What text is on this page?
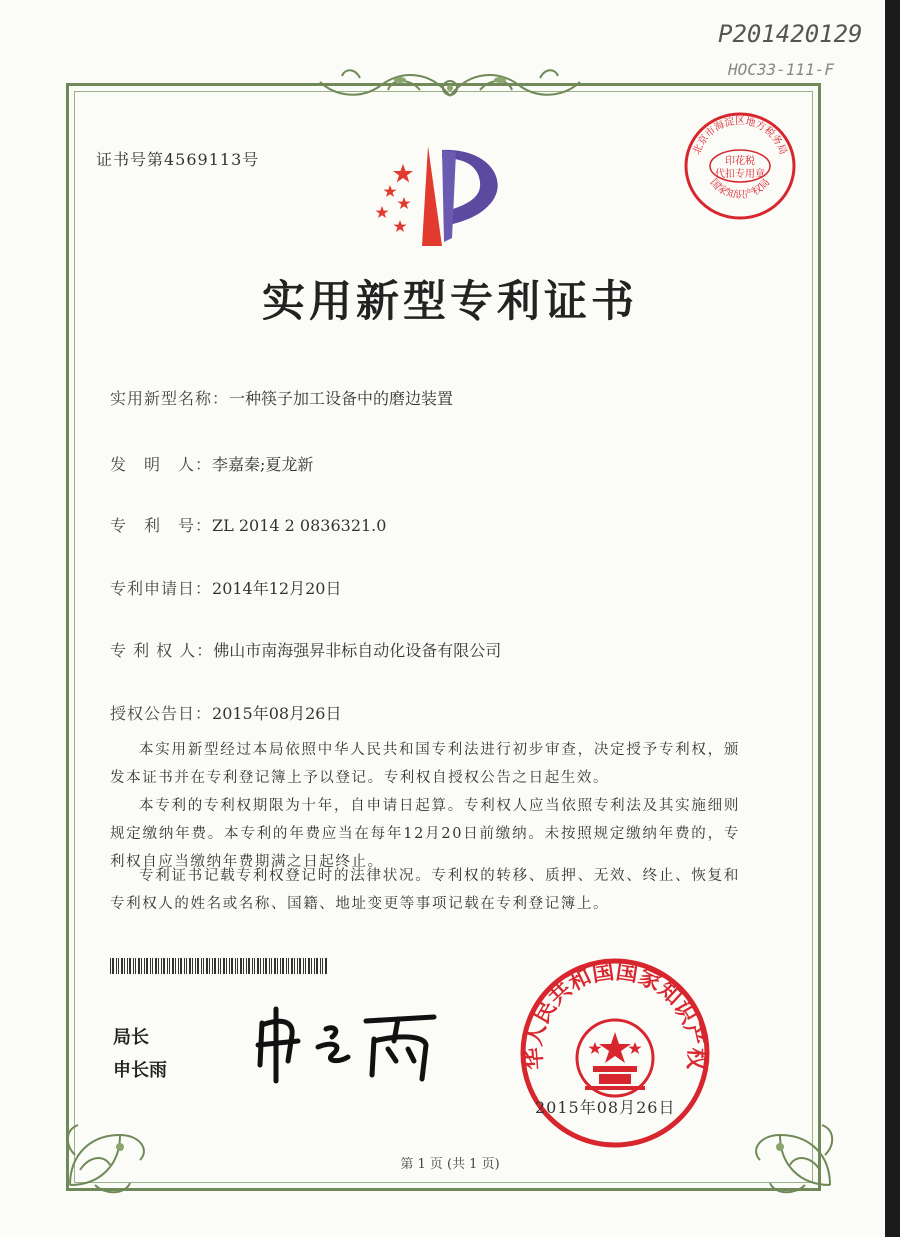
P201420129
HOC33-111-F
证书号第4569113号
北京市海淀区地方税务局
印花税
代扣专用章
国家知识产权局
实用新型专利证书
实用新型名称：一种筷子加工设备中的磨边装置
发　明　人：李嘉秦;夏龙新
专　利　号：ZL 2014 2 0836321.0
专利申请日：2014年12月20日
专 利 权 人：佛山市南海强昇非标自动化设备有限公司
授权公告日：2015年08月26日
本实用新型经过本局依照中华人民共和国专利法进行初步审查，决定授予专利权，颁发本证书并在专利登记簿上予以登记。专利权自授权公告之日起生效。
本专利的专利权期限为十年，自申请日起算。专利权人应当依照专利法及其实施细则规定缴纳年费。本专利的年费应当在每年12月20日前缴纳。未按照规定缴纳年费的，专利权自应当缴纳年费期满之日起终止。
专利证书记载专利权登记时的法律状况。专利权的转移、质押、无效、终止、恢复和专利权人的姓名或名称、国籍、地址变更等事项记载在专利登记簿上。
局长
申长雨
华人民共和国国家知识产权
2015年08月26日
第 1 页 (共 1 页)
